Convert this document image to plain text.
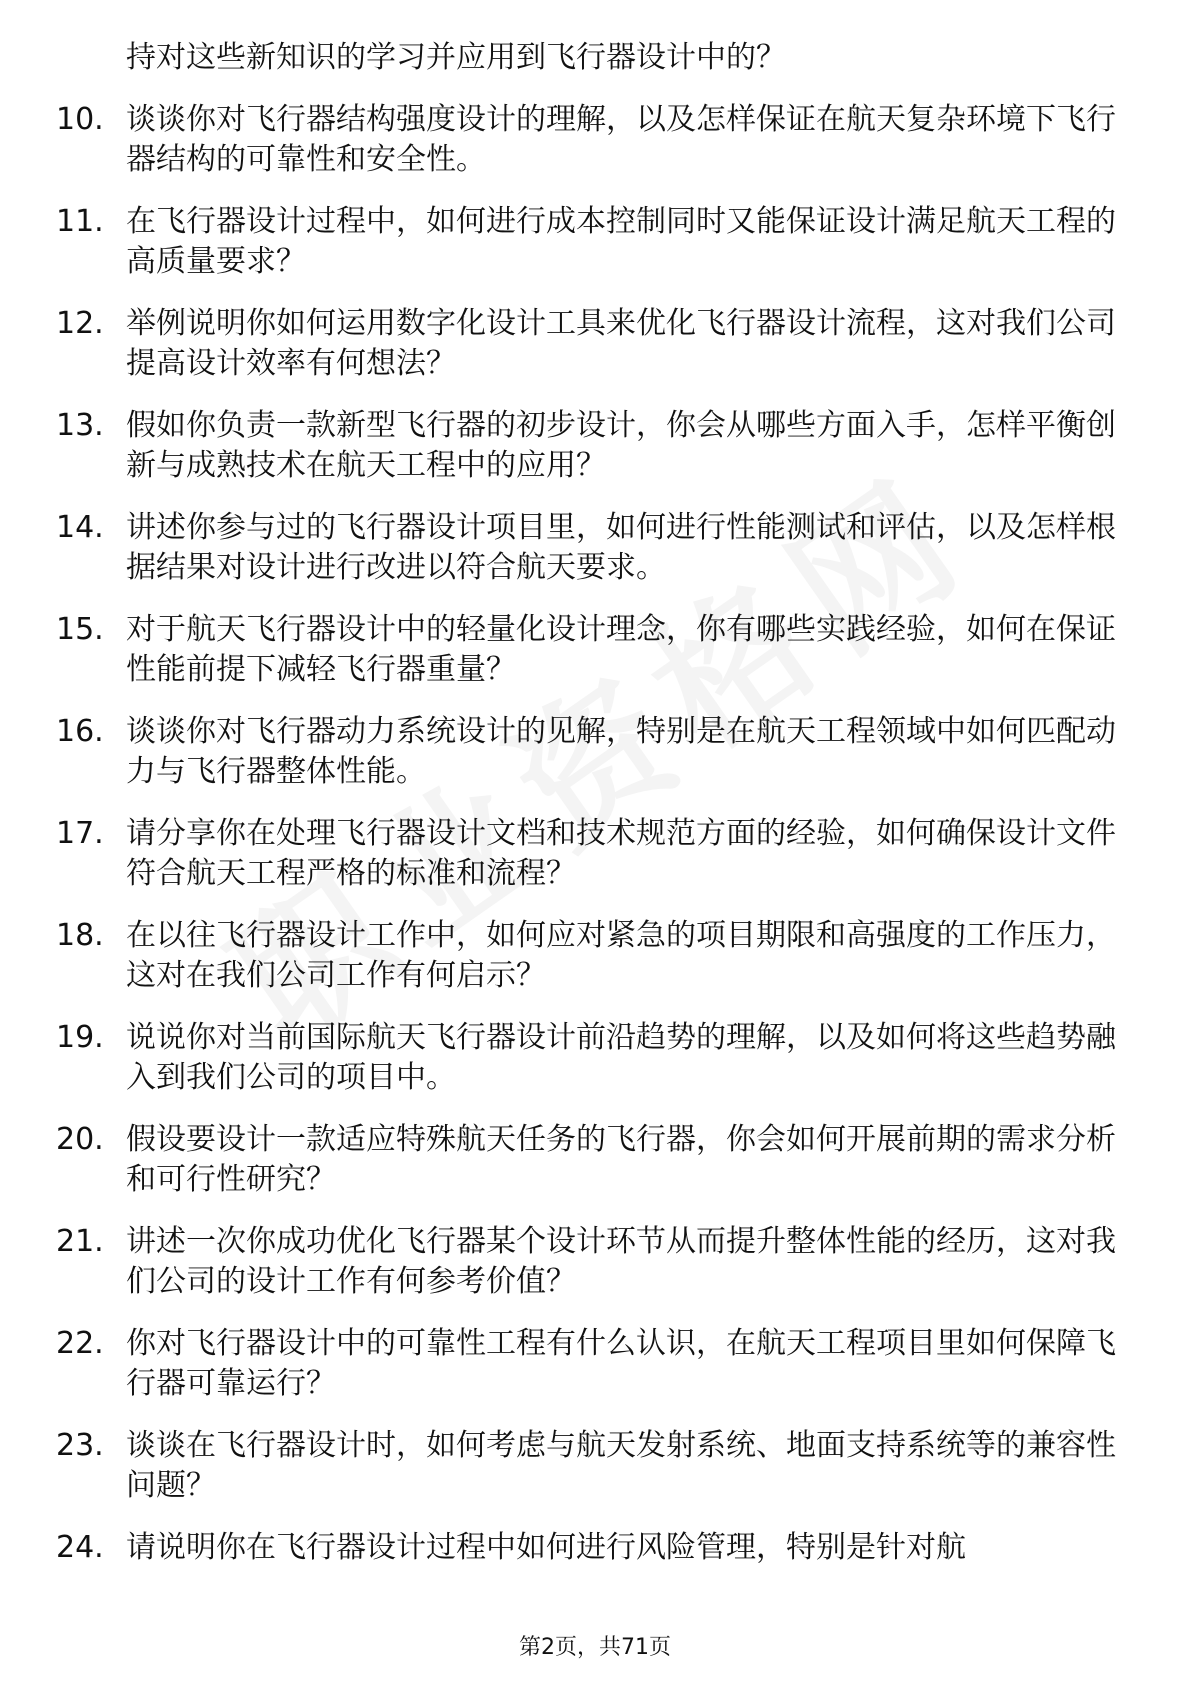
持对这些新知识的学习并应用到飞行器设计中的？
10. 谈谈你对飞行器结构强度设计的理解，以及怎样保证在航天复杂环境下飞行器结构的可靠性和安全性。
11. 在飞行器设计过程中，如何进行成本控制同时又能保证设计满足航天工程的高质量要求？
12. 举例说明你如何运用数字化设计工具来优化飞行器设计流程，这对我们公司提高设计效率有何想法？
13. 假如你负责一款新型飞行器的初步设计，你会从哪些方面入手，怎样平衡创新与成熟技术在航天工程中的应用？
14. 讲述你参与过的飞行器设计项目里，如何进行性能测试和评估，以及怎样根据结果对设计进行改进以符合航天要求。
15. 对于航天飞行器设计中的轻量化设计理念，你有哪些实践经验，如何在保证性能前提下减轻飞行器重量？
16. 谈谈你对飞行器动力系统设计的见解，特别是在航天工程领域中如何匹配动力与飞行器整体性能。
17. 请分享你在处理飞行器设计文档和技术规范方面的经验，如何确保设计文件符合航天工程严格的标准和流程？
18. 在以往飞行器设计工作中，如何应对紧急的项目期限和高强度的工作压力，这对在我们公司工作有何启示？
19. 说说你对当前国际航天飞行器设计前沿趋势的理解，以及如何将这些趋势融入到我们公司的项目中。
20. 假设要设计一款适应特殊航天任务的飞行器，你会如何开展前期的需求分析和可行性研究？
21. 讲述一次你成功优化飞行器某个设计环节从而提升整体性能的经历，这对我们公司的设计工作有何参考价值？
22. 你对飞行器设计中的可靠性工程有什么认识，在航天工程项目里如何保障飞行器可靠运行？
23. 谈谈在飞行器设计时，如何考虑与航天发射系统、地面支持系统等的兼容性问题？
24. 请说明你在飞行器设计过程中如何进行风险管理，特别是针对航
第2页，共71页
